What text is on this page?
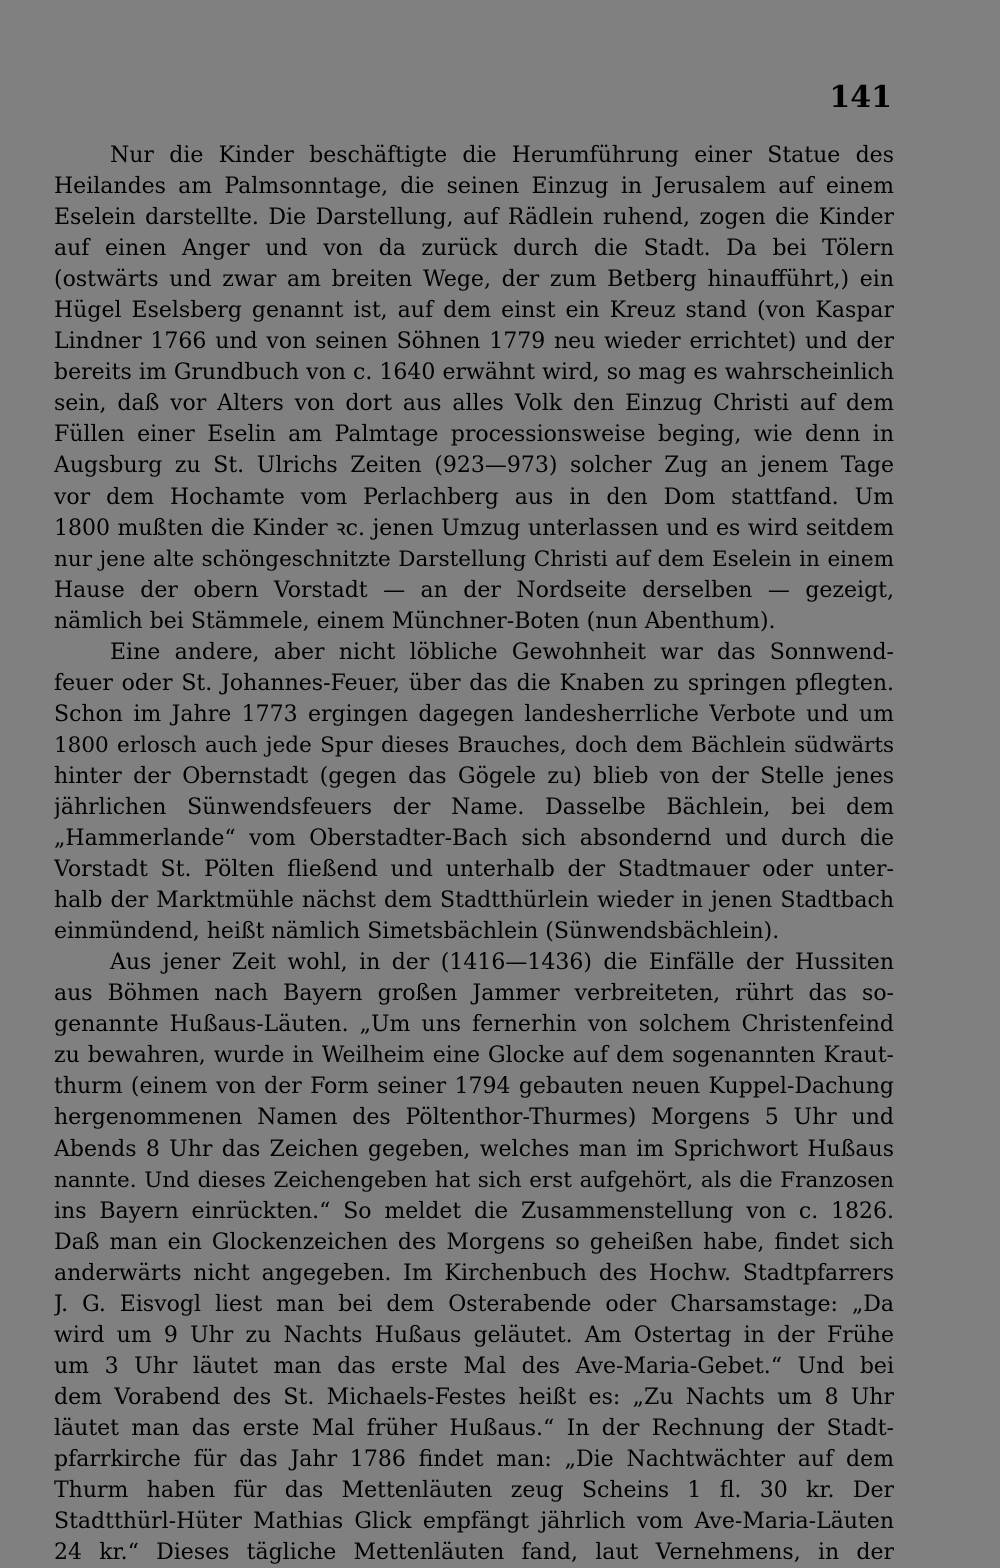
141
Nur die Kinder beschäftigte die Herumführung einer Statue des
Heilandes am Palmsonntage, die seinen Einzug in Jerusalem auf einem
Eselein darstellte. Die Darstellung, auf Rädlein ruhend, zogen die Kinder
auf einen Anger und von da zurück durch die Stadt. Da bei Tölern
(ostwärts und zwar am breiten Wege, der zum Betberg hinaufführt,) ein
Hügel Eselsberg genannt ist, auf dem einst ein Kreuz stand (von Kaspar
Lindner 1766 und von seinen Söhnen 1779 neu wieder errichtet) und der
bereits im Grundbuch von c. 1640 erwähnt wird, so mag es wahrscheinlich
sein, daß vor Alters von dort aus alles Volk den Einzug Christi auf dem
Füllen einer Eselin am Palmtage processionsweise beging, wie denn in
Augsburg zu St. Ulrichs Zeiten (923—973) solcher Zug an jenem Tage
vor dem Hochamte vom Perlachberg aus in den Dom stattfand. Um
1800 mußten die Kinder ꝛc. jenen Umzug unterlassen und es wird seitdem
nur jene alte schöngeschnitzte Darstellung Christi auf dem Eselein in einem
Hause der obern Vorstadt — an der Nordseite derselben — gezeigt,
nämlich bei Stämmele, einem Münchner-Boten (nun Abenthum).
Eine andere, aber nicht löbliche Gewohnheit war das Sonnwend-
feuer oder St. Johannes-Feuer, über das die Knaben zu springen pflegten.
Schon im Jahre 1773 ergingen dagegen landesherrliche Verbote und um
1800 erlosch auch jede Spur dieses Brauches, doch dem Bächlein südwärts
hinter der Obernstadt (gegen das Gögele zu) blieb von der Stelle jenes
jährlichen Sünwendsfeuers der Name. Dasselbe Bächlein, bei dem
„Hammerlande“ vom Oberstadter-Bach sich absondernd und durch die
Vorstadt St. Pölten fließend und unterhalb der Stadtmauer oder unter-
halb der Marktmühle nächst dem Stadtthürlein wieder in jenen Stadtbach
einmündend, heißt nämlich Simetsbächlein (Sünwendsbächlein).
Aus jener Zeit wohl, in der (1416—1436) die Einfälle der Hussiten
aus Böhmen nach Bayern großen Jammer verbreiteten, rührt das so-
genannte Hußaus-Läuten. „Um uns fernerhin von solchem Christenfeind
zu bewahren, wurde in Weilheim eine Glocke auf dem sogenannten Kraut-
thurm (einem von der Form seiner 1794 gebauten neuen Kuppel-Dachung
hergenommenen Namen des Pöltenthor-Thurmes) Morgens 5 Uhr und
Abends 8 Uhr das Zeichen gegeben, welches man im Sprichwort Hußaus
nannte. Und dieses Zeichengeben hat sich erst aufgehört, als die Franzosen
ins Bayern einrückten.“ So meldet die Zusammenstellung von c. 1826.
Daß man ein Glockenzeichen des Morgens so geheißen habe, findet sich
anderwärts nicht angegeben. Im Kirchenbuch des Hochw. Stadtpfarrers
J. G. Eisvogl liest man bei dem Osterabende oder Charsamstage: „Da
wird um 9 Uhr zu Nachts Hußaus geläutet. Am Ostertag in der Frühe
um 3 Uhr läutet man das erste Mal des Ave-Maria-Gebet.“ Und bei
dem Vorabend des St. Michaels-Festes heißt es: „Zu Nachts um 8 Uhr
läutet man das erste Mal früher Hußaus.“ In der Rechnung der Stadt-
pfarrkirche für das Jahr 1786 findet man: „Die Nachtwächter auf dem
Thurm haben für das Mettenläuten zeug Scheins 1 fl. 30 kr. Der
Stadtthürl-Hüter Mathias Glick empfängt jährlich vom Ave-Maria-Läuten
24 kr.“ Dieses tägliche Mettenläuten fand, laut Vernehmens, in der
